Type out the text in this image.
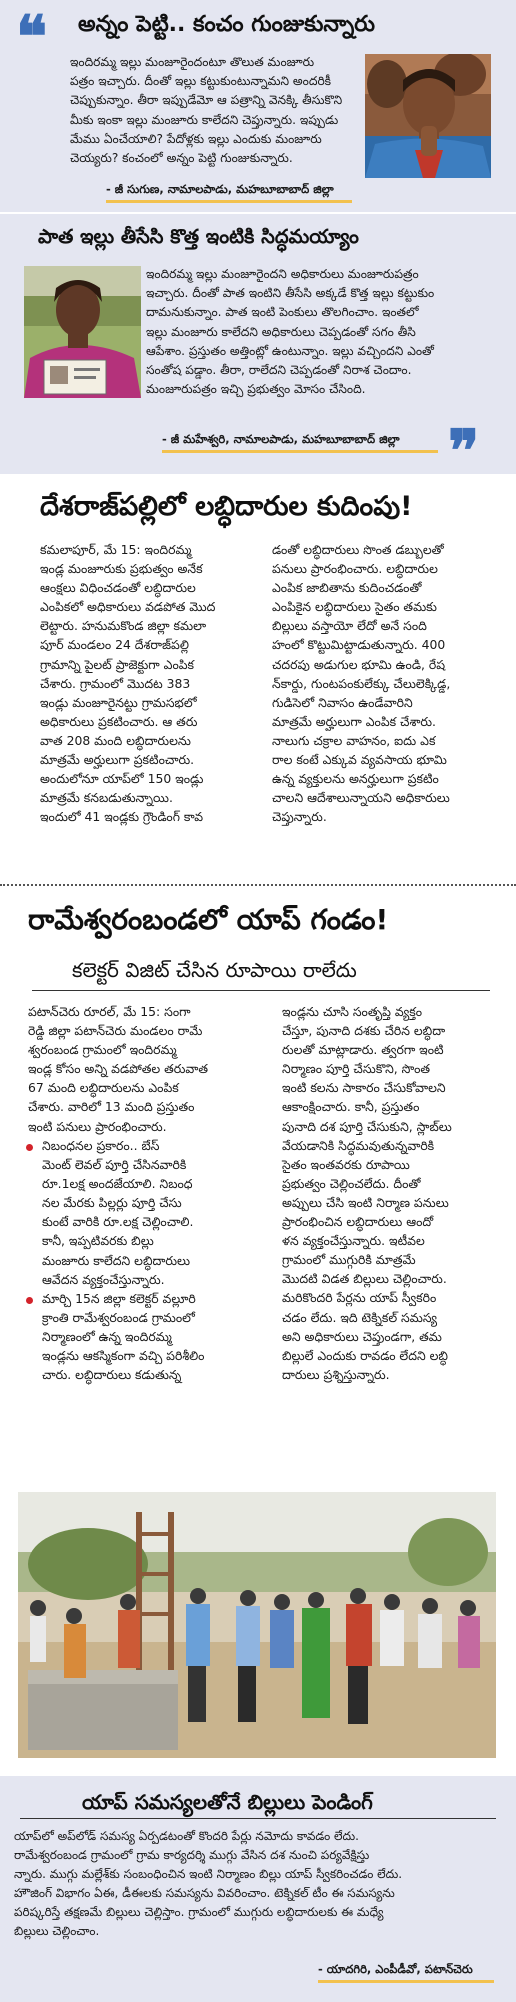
❝ అన్నం పెట్టి.. కంచం గుంజుకున్నారు

ఇందిరమ్మ ఇల్లు మంజూరైందంటూ తొలుత మంజూరు
పత్రం ఇచ్చారు. దీంతో ఇల్లు కట్టుకుంటున్నామని అందరికీ
చెప్పుకున్నాం. తీరా ఇప్పుడేమో ఆ పత్రాన్ని వెనక్కి తీసుకొని
మీకు ఇంకా ఇల్లు మంజూరు కాలేదని చెప్తున్నారు. ఇప్పుడు
మేము ఏంచేయాలి? పేదోళ్లకు ఇల్లు ఎందుకు మంజూరు
చెయ్యరు? కంచంలో అన్నం పెట్టి గుంజుకున్నారు.

- జీ సుగుణ, నామాలపాడు, మహబూబాబాద్ జిల్లా
పాత ఇల్లు తీసేసి కొత్త ఇంటికి సిద్ధమయ్యాం

ఇందిరమ్మ ఇల్లు మంజూరైందని అధికారులు మంజూరుపత్రం
ఇచ్చారు. దీంతో పాత ఇంటిని తీసేసి అక్కడే కొత్త ఇల్లు కట్టుకుం
దామనుకున్నాం. పాత ఇంటి పెంకులు తొలగించాం. ఇంతలో
ఇల్లు మంజూరు కాలేదని అధికారులు చెప్పడంతో సగం తీసి
ఆపేశాం. ప్రస్తుతం అత్తింట్లో ఉంటున్నాం. ఇల్లు వచ్చిందని ఎంతో
సంతోష పడ్డాం. తీరా, రాలేదని చెప్పడంతో నిరాశ చెందాం.
మంజూరుపత్రం ఇచ్చి ప్రభుత్వం మోసం చేసింది.

- జీ మహేశ్వరి, నామాలపాడు, మహబూబాబాద్ జిల్లా ❞
దేశరాజ్‌పల్లిలో లబ్ధిదారుల కుదింపు!

కమలాపూర్‌, మే 15: ఇందిరమ్మ
ఇండ్ల మంజూరుకు ప్రభుత్వం అనేక
ఆంక్షలు విధించడంతో లబ్ధిదారుల
ఎంపికలో అధికారులు వడపోత మొద
లెట్టారు. హనుమకొండ జిల్లా కమలా
పూర్‌ మండలం 24 దేశరాజ్‌పల్లి
గ్రామాన్ని పైలట్‌ ప్రాజెక్టుగా ఎంపిక
చేశారు. గ్రామంలో మొదట 383
ఇండ్లు మంజూరైనట్టు గ్రామసభలో
అధికారులు ప్రకటించారు. ఆ తరు
వాత 208 మంది లబ్ధిదారులను
మాత్రమే అర్హులుగా ప్రకటించారు.
అందులోనూ యాప్‌లో 150 ఇండ్లు
మాత్రమే కనబడుతున్నాయి.
ఇందులో 41 ఇండ్లకు గ్రౌండింగ్‌ కావ

డంతో లబ్ధిదారులు సొంత డబ్బులతో
పనులు ప్రారంభించారు. లబ్ధిదారుల
ఎంపిక జాబితాను కుదించడంతో
ఎంపికైన లబ్ధిదారులు సైతం తమకు
బిల్లులు వస్తాయో లేదో అనే సంది
హంలో కొట్టుమిట్టాడుతున్నారు. 400
చదరపు అడుగుల భూమి ఉండి, రేష
న్‌కార్డు, గుంటపంకులేక్కు చేలులెక్కిడ్డ,
గుడిసెలో నివాసం ఉండేవారిని
మాత్రమే అర్హులుగా ఎంపిక చేశారు.
నాలుగు చక్రాల వాహనం, ఐదు ఎక
రాల కంటే ఎక్కువ వ్యవసాయ భూమి
ఉన్న వ్యక్తులను అనర్హులుగా ప్రకటిం
చాలని ఆదేశాలున్నాయని అధికారులు
చెప్తున్నారు.

రామేశ్వరంబండలో యాప్‌ గండం!
కలెక్టర్‌ విజిట్‌ చేసిన రూపాయి రాలేదు

పటాన్‌చెరు రూరల్‌, మే 15: సంగా
రెడ్డి జిల్లా పటాన్‌చెరు మండలం రామే
శ్వరంబండ గ్రామంలో ఇందిరమ్మ
ఇండ్ల కోసం అన్ని వడపోతల తరువాత
67 మంది లబ్ధిదారులను ఎంపిక
చేశారు. వారిలో 13 మంది ప్రస్తుతం
ఇంటి పనులు ప్రారంభించారు.

నిబంధనల ప్రకారం.. బేస్‌
మెంట్‌ లెవల్‌ పూర్తి చేసినవారికి
రూ.1లక్ష అందజేయాలి. నిబంధ
నల మేరకు పిల్లర్లు పూర్తి చేసు
కుంటే వారికి రూ.లక్ష చెల్లించాలి.
కానీ, ఇప్పటివరకు బిల్లు
మంజూరు కాలేదని లబ్ధిదారులు
ఆవేదన వ్యక్తంచేస్తున్నారు.

మార్చి 15న జిల్లా కలెక్టర్‌ వల్లూరి
క్రాంతి రామేశ్వరంబండ గ్రామంలో
నిర్మాణంలో ఉన్న ఇందిరమ్మ
ఇండ్లను ఆకస్మికంగా వచ్చి పరిశీలిం
చారు. లబ్ధిదారులు కడుతున్న

ఇండ్లను చూసి సంతృప్తి వ్యక్తం
చేస్తూ, పునాది దశకు చేరిన లబ్ధిదా
రులతో మాట్లాడారు. త్వరగా ఇంటి
నిర్మాణం పూర్తి చేసుకొని, సొంత
ఇంటి కలను సాకారం చేసుకోవాలని
ఆకాంక్షించారు. కానీ, ప్రస్తుతం
పునాది దశ పూర్తి చేసుకుని, స్లాబ్‌లు
వేయడానికి సిద్ధమవుతున్నవారికి
సైతం ఇంతవరకు రూపాయి
ప్రభుత్వం చెల్లించలేదు. దీంతో
అప్పులు చేసి ఇంటి నిర్మాణ పనులు
ప్రారంభించిన లబ్ధిదారులు ఆందో
ళన వ్యక్తంచేస్తున్నారు. ఇటీవల
గ్రామంలో ముగ్గురికి మాత్రమే
మొదటి విడత బిల్లులు చెల్లించారు.
మరికొందరి పేర్లను యాప్‌ స్వీకరిం
చడం లేదు. ఇది టెక్నికల్‌ సమస్య
అని అధికారులు చెప్తుండగా, తమ
బిల్లులే ఎందుకు రావడం లేదని లబ్ధి
దారులు ప్రశ్నిస్తున్నారు.

యాప్‌ సమస్యలతోనే బిల్లులు పెండింగ్‌

యాప్‌లో అప్‌లోడ్‌ సమస్య ఏర్పడటంతో కొందరి పేర్లు నమోదు కావడం లేదు.
రామేశ్వరంబండ గ్రామంలో గ్రామ కార్యదర్శి ముగ్గు వేసిన దశ నుంచి పర్యవేక్షిస్తు
న్నారు. ముగ్గు మల్లేశ్‌కు సంబంధించిన ఇంటి నిర్మాణం బిల్లు యాప్‌ స్వీకరించడం లేదు.
హౌజింగ్‌ విభాగం ఏఈ, డీఈలకు సమస్యను వివరించాం. టెక్నికల్‌ టీం ఈ సమస్యను
పరిష్కరిస్తే తక్షణమే బిల్లులు చెల్లిస్తాం. గ్రామంలో ముగ్గురు లబ్ధిదారులకు ఈ మధ్యే
బిల్లులు చెల్లించాం.

- యాదగిరి, ఎంపీడీవో, పటాన్‌చెరు
